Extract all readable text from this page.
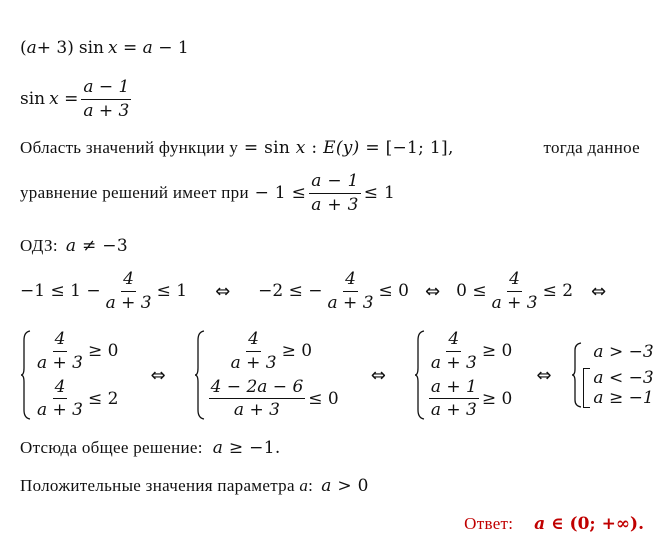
( a + 3) sin x = a − 1
$\sin x = \frac{a - 1}{a + 3}$
Область значений функции у = sin x : E (y) = [−1; 1],	тогда данное
уравнение решений имеет при − $1 \le \frac{a - 1}{a + 3} \le 1$
ОДЗ: a ≠ −3
$-1 \le 1 - \frac{4}{a + 3} \le 1$ ⇔ −2 ≤ − $\frac{4}{a + 3} \le 0$ ⇔ $0 \le \frac{4}{a + 3} \le 2$ ⇔
$\frac{4}{a + 3} \ge 0$
$\frac{4}{a + 3} \le 2$
⇔
$\frac{4}{a + 3} \ge 0$
$\frac{4 - 2a - 6}{a + 3} \le 0$
⇔
$\frac{4}{a + 3} \ge 0$
$\frac{a + 1}{a + 3} \ge 0$
⇔
a > −3
a < −3
a ≥ −1
Отсюда общее решение: a ≥ −1.
Положительные значения параметра a : a > 0
Ответ: a ∈ (0; +∞).
